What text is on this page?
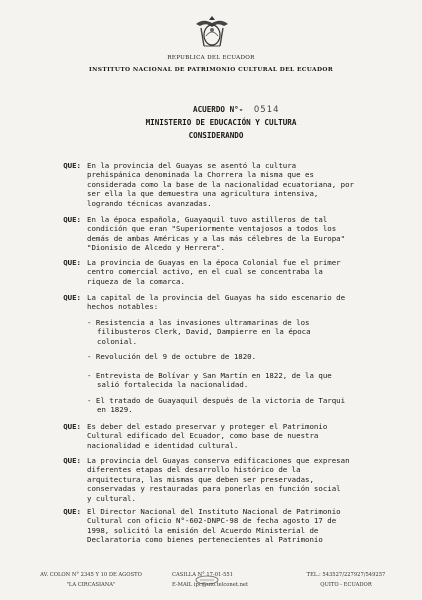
REPUBLICA DEL ECUADOR
INSTITUTO NACIONAL DE PATRIMONIO CULTURAL DEL ECUADOR
ACUERDO N°- 0514
MINISTERIO DE EDUCACIÓN Y CULTURA
CONSIDERANDO
QUE: En la provincia del Guayas se asentó la cultura
prehispánica denominada la Chorrera la misma que es
considerada como la base de la nacionalidad ecuatoriana, por
ser ella la que demuestra una agricultura intensiva,
logrando técnicas avanzadas.
QUE: En la época española, Guayaquil tuvo astilleros de tal
condición que eran "Superiormente ventajosos a todos los
demás de ambas Américas y a las más célebres de la Europa"
"Dionisio de Alcedo y Herrera".
QUE: La provincia de Guayas en la época Colonial fue el primer
centro comercial activo, en el cual se concentraba la
riqueza de la comarca.
QUE: La capital de la provincia del Guayas ha sido escenario de
hechos notables:
- Resistencia a las invasiones ultramarinas de los
filibusteros Clerk, David, Dampierre en la época
colonial.
- Revolución del 9 de octubre de 1820.
- Entrevista de Bolívar y San Martín en 1822, de la que
salió fortalecida la nacionalidad.
- El tratado de Guayaquil después de la victoria de Tarqui
en 1829.
QUE: Es deber del estado preservar y proteger el Patrimonio
Cultural edificado del Ecuador, como base de nuestra
nacionalidad e identidad cultural.
QUE: La provincia del Guayas conserva edificaciones que expresan
diferentes etapas del desarrollo histórico de la
arquitectura, las mismas que deben ser preservadas,
conservadas y restauradas para ponerlas en función social
y cultural.
QUE: El Director Nacional del Instituto Nacional de Patrimonio
Cultural con oficio N°-602-DNPC-98 de fecha agosto 17 de
1998, solicitó la emisión del Acuerdo Ministerial de
Declaratoria como bienes pertenecientes al Patrimonio
AV. COLON N° 2345 Y 10 DE AGOSTO
"LA CIRCASIANA"
CASILLA N° 17-01-551
E-MAIL ipc@uio.telconet.net
TEL.: 543527/227927/549257
QUITO - ECUADOR
